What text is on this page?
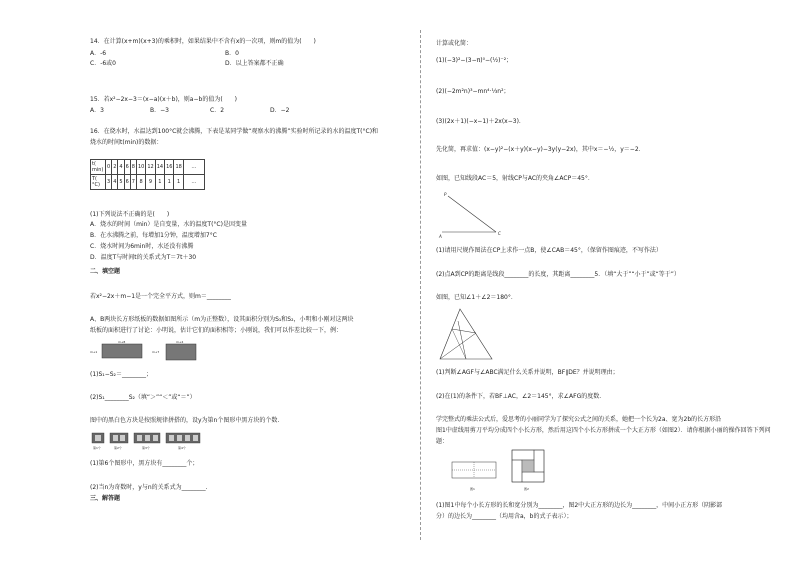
14．在计算(x+m)(x+3)的乘积时，如果结果中不含有x的一次项，则m的值为(　　)
A．-6	B．0
C．-6或0	D．以上答案都不正确
15．若x²−2x−3＝(x−a)(x＋b)，则a−b的值为(　　)
A．3	B．−3	C．2	D．−2
16．在烧水时，水温达到100°C就会沸腾，下表是某同学做“观察水的沸腾”实验时所记录的水的温度T(°C)和
烧水的时间t(min)的数据：
t(
min)	0	2	4	6	8	10	12	14	16	18	…
T(
°C)	3	4	5	6	7	8	9	1	1	1	…
(1)下列说法不正确的是(　　)
A．烧水的时间（min）是自变量，水的温度T(°C)是因变量
B．在水沸腾之前，每增加1分钟，温度增加7°C
C．烧水时间为6min时，水还没有沸腾
D．温度T与时间t的关系式为T＝7t＋30
二、填空题
若x²−2x＋m−1是一个完全平方式，则m＝________
A、B两块长方形纸板的数据如图所示（m为正整数），设其面积分别为S₁和S₂，小明和小刚对这两块
纸板的面积进行了讨论：小明说，估计它们的面积相等；小刚说，我们可以作差比较一下，例：
m+8
m+1
m+4
m+7
(1)S₁−S₂＝________；
(2)S₁________S₂（填“＞”“＜”或“＝”）
图中的黑白色方块是按照规律拼搭的，设y为第n个图形中黑方块的个数.
第1个	第2个	第3个	第4个
(1)第6个图形中，黑方块有________个；
(2)当n为奇数时，y与n的关系式为________.
三、解答题
计算或化简：
(1)(−3)²−(3−π)⁰−(½)⁻²；
(2)(−2m²n)³−mn⁴·⅓n²；
(3)(2x＋1)(−x−1)＋2x(x−3).
先化简，再求值：(x−y)²−(x＋y)(x−y)−3y(y−2x)，其中x＝−½，y＝−2．
如图，已知线段AC＝5，射线CP与AC的夹角∠ACP＝45°．
P
A
C
(1)请用尺规作图法在CP上求作一点B，使∠CAB＝45°，（保留作图痕迹，不写作法）
(2)点A到CP的距离是线段________的长度，其距离________5．（填“大于”“小于”或“等于”）
如图，已知∠1＋∠2＝180°．
(1)判断∠AGF与∠ABC满足什么关系并说明，BF∥DE？并说明理由；
(2)在(1)的条件下，若BF⊥AC，∠2＝145°，求∠AFG的度数.
学完整式的乘法公式后，爱思考的小丽同学为了探究公式之间的关系，她把一个长为2a、宽为2b的长方形沿
图1中虚线用剪刀平均分成四个小长方形，然后用这四个小长方形拼成一个大正方形（如图2）．请你根据小丽的操作回答下列问
题：
图1	图2
(1)图1中每个小长方形的长和宽分别为________，图2中大正方形的边长为________，中间小正方形（阴影部
分）的边长为________（均用含a，b的式子表示）；
